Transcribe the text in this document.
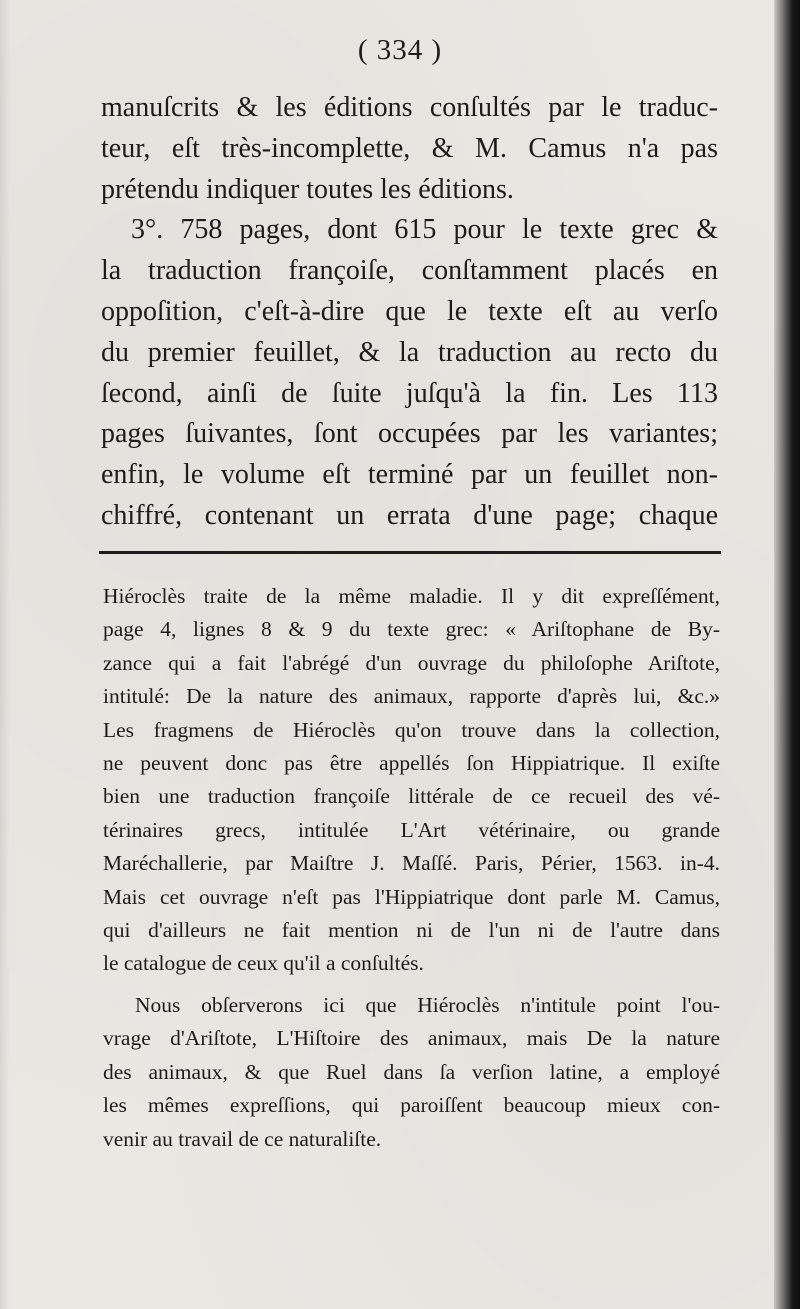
( 334 )
manuſcrits & les éditions conſultés par le traduc-
teur, eſt très-incomplette, & M. Camus n'a pas
prétendu indiquer toutes les éditions.
3°. 758 pages, dont 615 pour le texte grec &
la traduction françoiſe, conſtamment placés en
oppoſition, c'eſt-à-dire que le texte eſt au verſo
du premier feuillet, & la traduction au recto du
ſecond, ainſi de ſuite juſqu'à la fin. Les 113
pages ſuivantes, ſont occupées par les variantes;
enfin, le volume eſt terminé par un feuillet non-
chiffré, contenant un errata d'une page; chaque
Hiéroclès traite de la même maladie. Il y dit expreſſément,
page 4, lignes 8 & 9 du texte grec: « Ariſtophane de By-
zance qui a fait l'abrégé d'un ouvrage du philoſophe Ariſtote,
intitulé: De la nature des animaux, rapporte d'après lui, &c.»
Les fragmens de Hiéroclès qu'on trouve dans la collection,
ne peuvent donc pas être appellés ſon Hippiatrique. Il exiſte
bien une traduction françoiſe littérale de ce recueil des vé-
térinaires grecs, intitulée L'Art vétérinaire, ou grande
Maréchallerie, par Maiſtre J. Maſſé. Paris, Périer, 1563. in-4.
Mais cet ouvrage n'eſt pas l'Hippiatrique dont parle M. Camus,
qui d'ailleurs ne fait mention ni de l'un ni de l'autre dans
le catalogue de ceux qu'il a conſultés.
Nous obſerverons ici que Hiéroclès n'intitule point l'ou-
vrage d'Ariſtote, L'Hiſtoire des animaux, mais De la nature
des animaux, & que Ruel dans ſa verſion latine, a employé
les mêmes expreſſions, qui paroiſſent beaucoup mieux con-
venir au travail de ce naturaliſte.
